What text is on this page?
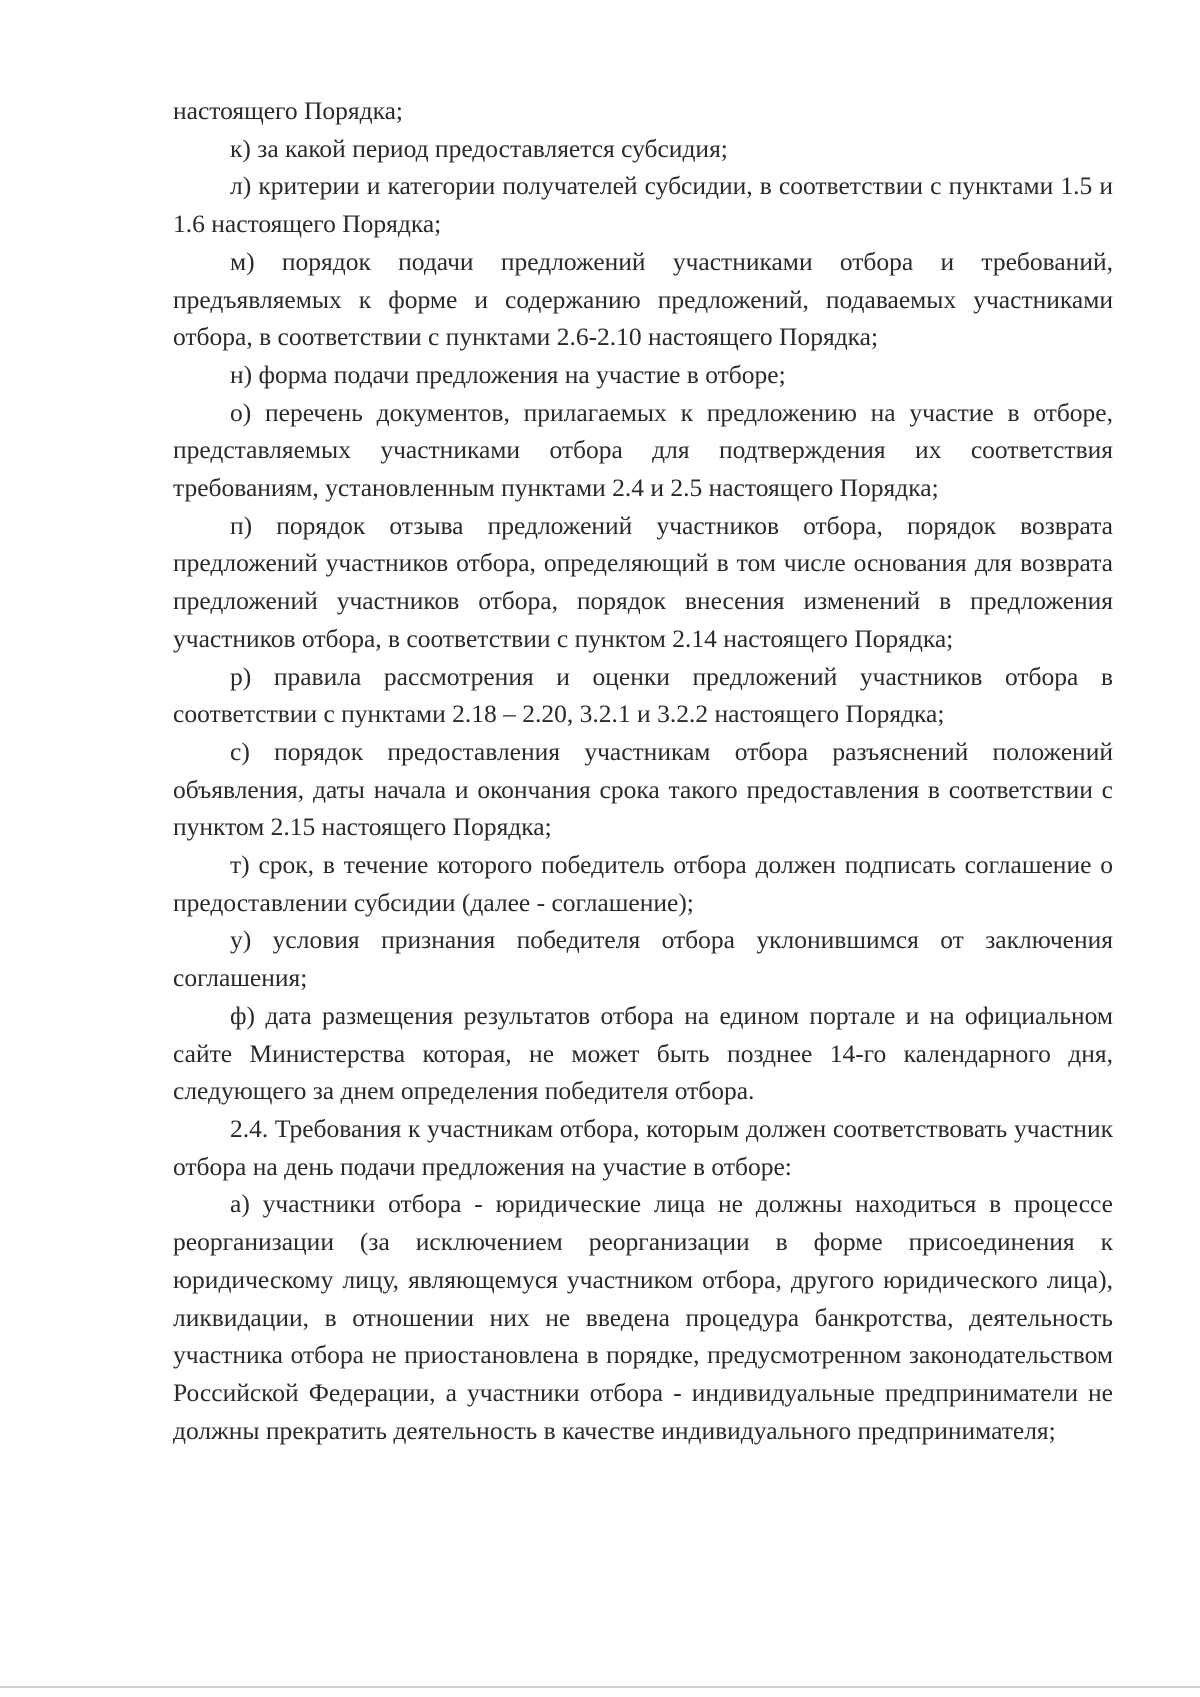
настоящего Порядка;

к) за какой период предоставляется субсидия;

л) критерии и категории получателей субсидии, в соответствии с пунктами 1.5 и 1.6 настоящего Порядка;

м) порядок подачи предложений участниками отбора и требований, предъявляемых к форме и содержанию предложений, подаваемых участниками отбора, в соответствии с пунктами 2.6-2.10 настоящего Порядка;

н) форма подачи предложения на участие в отборе;

о) перечень документов, прилагаемых к предложению на участие в отборе, представляемых участниками отбора для подтверждения их соответствия требованиям, установленным пунктами 2.4 и 2.5 настоящего Порядка;

п) порядок отзыва предложений участников отбора, порядок возврата предложений участников отбора, определяющий в том числе основания для возврата предложений участников отбора, порядок внесения изменений в предложения участников отбора, в соответствии с пунктом 2.14 настоящего Порядка;

р) правила рассмотрения и оценки предложений участников отбора в соответствии с пунктами 2.18 – 2.20, 3.2.1 и 3.2.2 настоящего Порядка;

с) порядок предоставления участникам отбора разъяснений положений объявления, даты начала и окончания срока такого предоставления в соответствии с пунктом 2.15 настоящего Порядка;

т) срок, в течение которого победитель отбора должен подписать соглашение о предоставлении субсидии (далее - соглашение);

у) условия признания победителя отбора уклонившимся от заключения соглашения;

ф) дата размещения результатов отбора на едином портале и на официальном сайте Министерства которая, не может быть позднее 14-го календарного дня, следующего за днем определения победителя отбора.

2.4. Требования к участникам отбора, которым должен соответствовать участник отбора на день подачи предложения на участие в отборе:

а) участники отбора - юридические лица не должны находиться в процессе реорганизации (за исключением реорганизации в форме присоединения к юридическому лицу, являющемуся участником отбора, другого юридического лица), ликвидации, в отношении них не введена процедура банкротства, деятельность участника отбора не приостановлена в порядке, предусмотренном законодательством Российской Федерации, а участники отбора - индивидуальные предприниматели не должны прекратить деятельность в качестве индивидуального предпринимателя;
